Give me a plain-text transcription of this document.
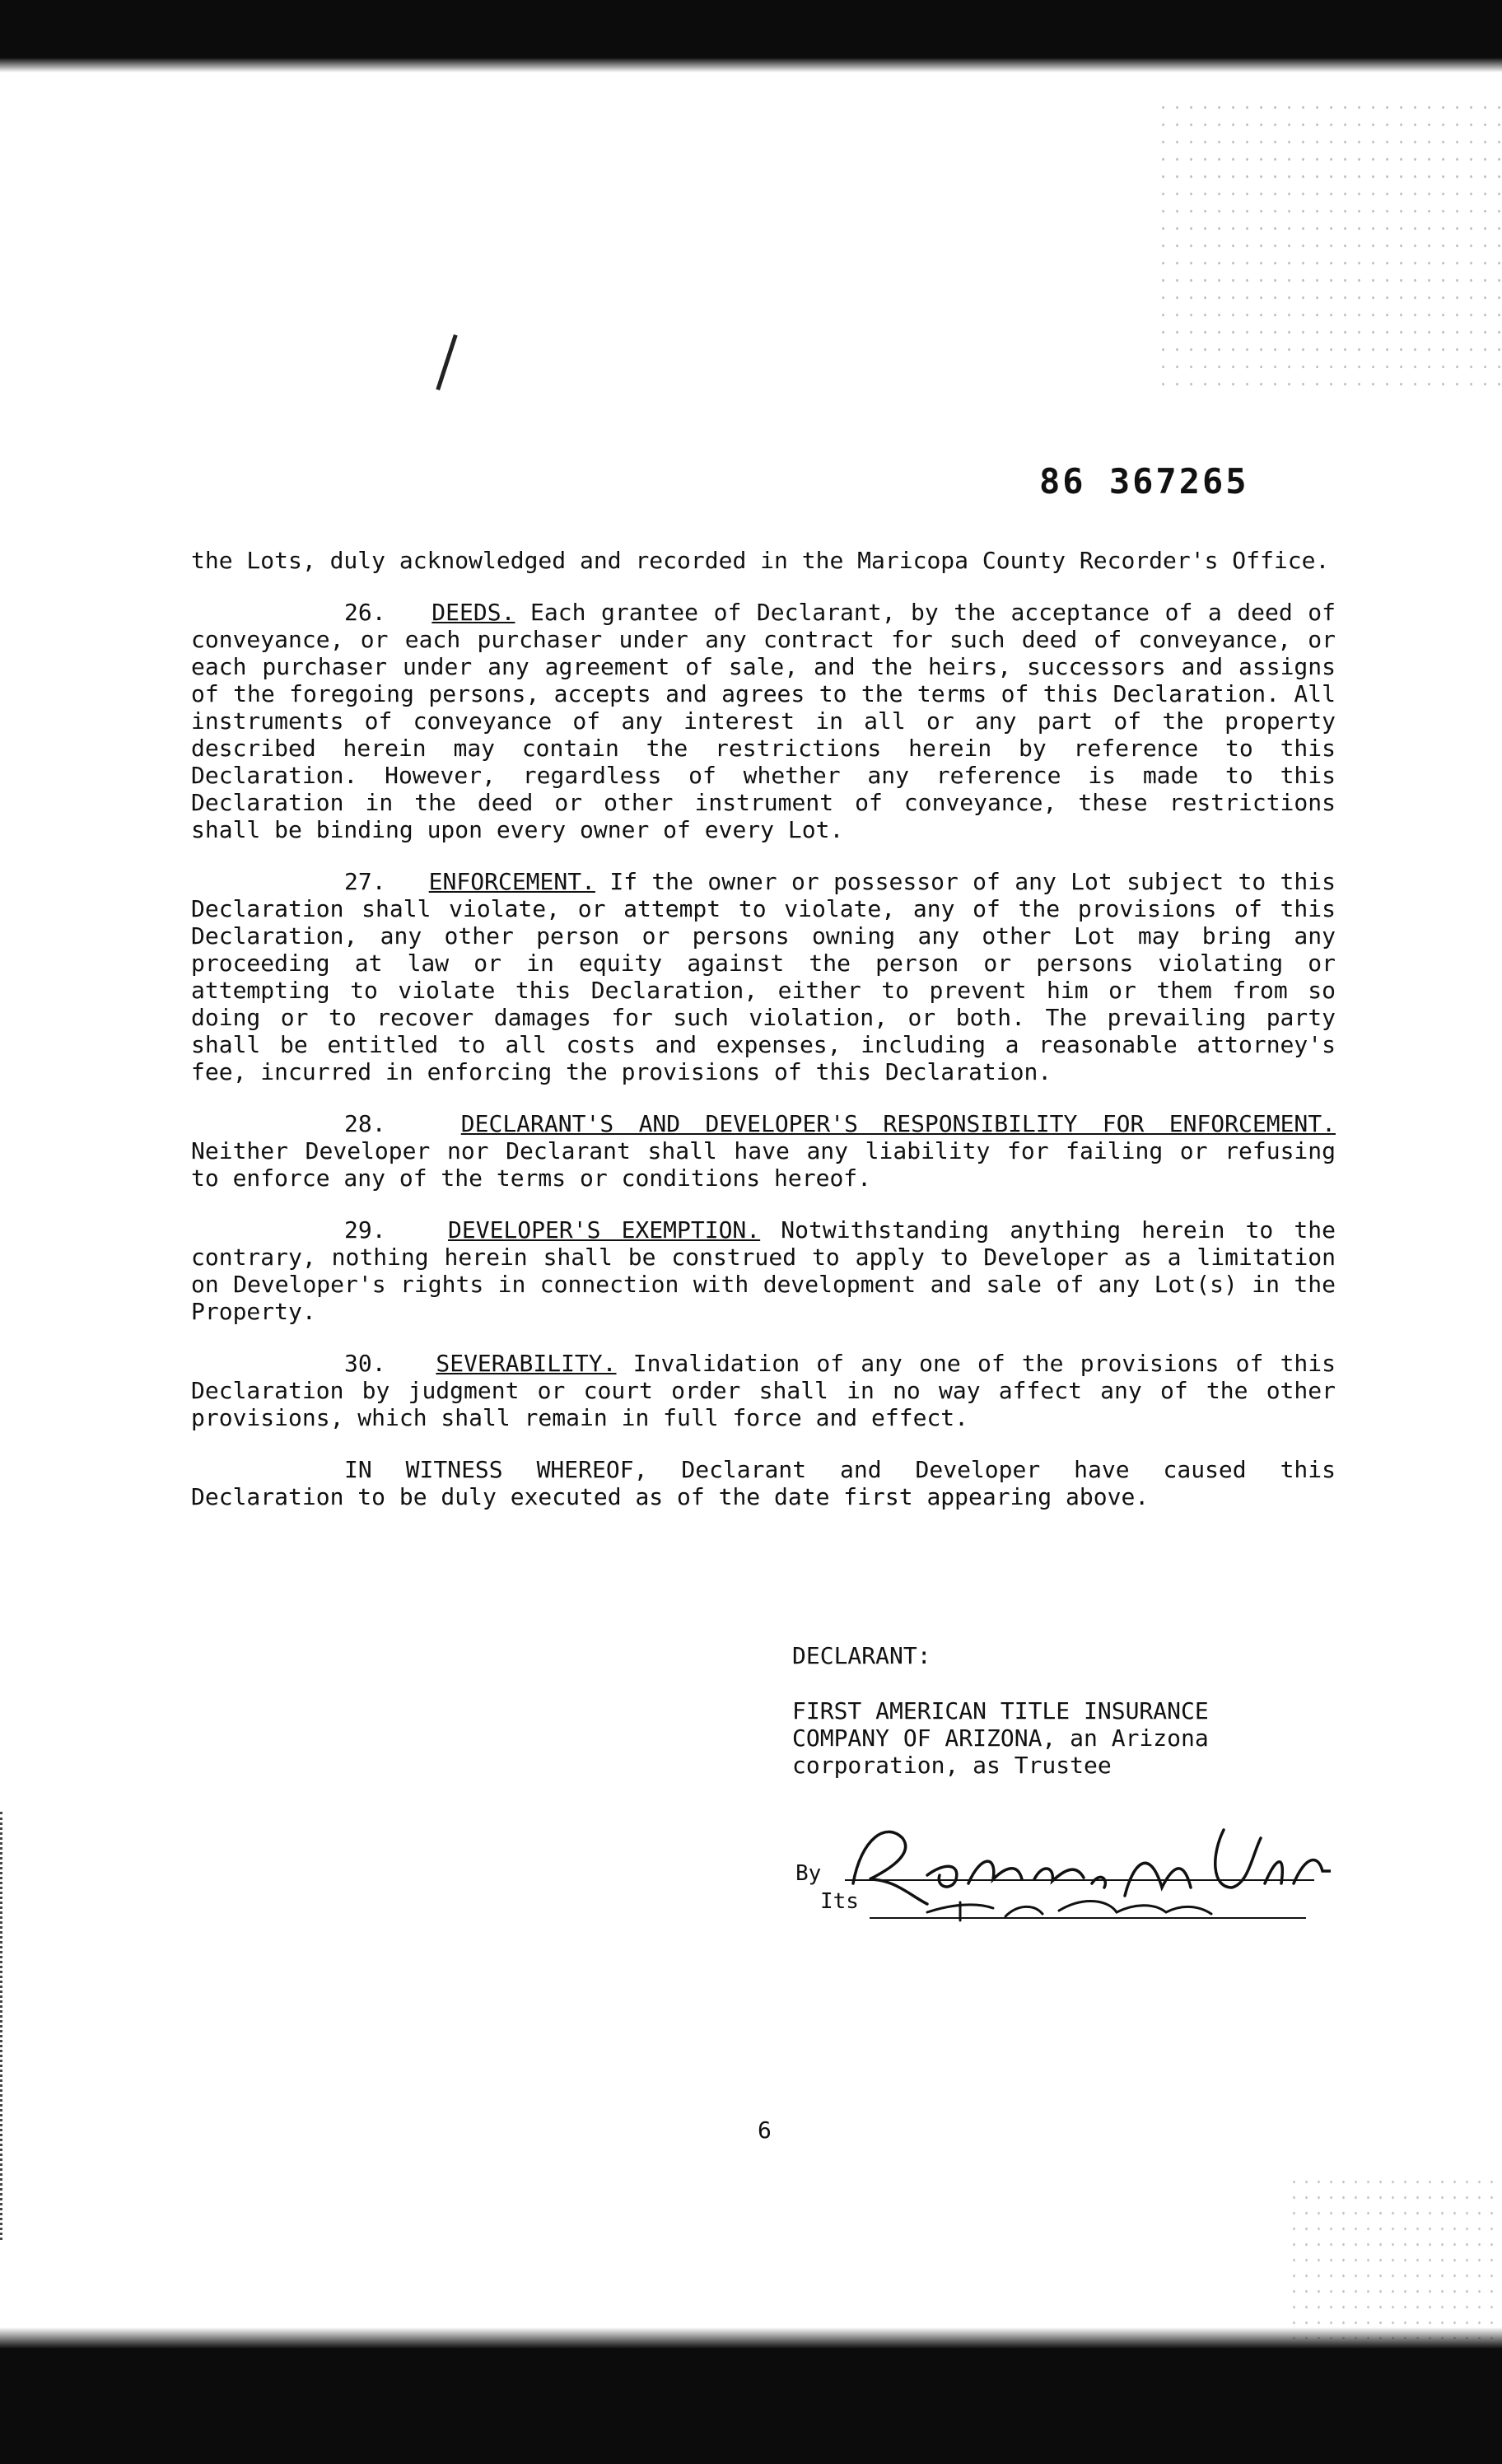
86 367265

the Lots, duly acknowledged and recorded in the Maricopa County Recorder's Office.

26. DEEDS. Each grantee of Declarant, by the acceptance of a deed of conveyance, or each purchaser under any contract for such deed of conveyance, or each purchaser under any agreement of sale, and the heirs, successors and assigns of the foregoing persons, accepts and agrees to the terms of this Declaration. All instruments of conveyance of any interest in all or any part of the property described herein may contain the restrictions herein by reference to this Declaration. However, regardless of whether any reference is made to this Declaration in the deed or other instrument of conveyance, these restrictions shall be binding upon every owner of every Lot.

27. ENFORCEMENT. If the owner or possessor of any Lot subject to this Declaration shall violate, or attempt to violate, any of the provisions of this Declaration, any other person or persons owning any other Lot may bring any proceeding at law or in equity against the person or persons violating or attempting to violate this Declaration, either to prevent him or them from so doing or to recover damages for such violation, or both. The prevailing party shall be entitled to all costs and expenses, including a reasonable attorney's fee, incurred in enforcing the provisions of this Declaration.

28.	DECLARANT'S AND DEVELOPER'S RESPONSIBILITY FOR ENFORCEMENT. Neither Developer nor Declarant shall have any liability for failing or refusing to enforce any of the terms or conditions hereof.

29.	DEVELOPER'S EXEMPTION. Notwithstanding anything herein to the contrary, nothing herein shall be construed to apply to Developer as a limitation on Developer's rights in connection with development and sale of any Lot(s) in the Property.

30. SEVERABILITY. Invalidation of any one of the provisions of this Declaration by judgment or court order shall in no way affect any of the other provisions, which shall remain in full force and effect.

IN WITNESS WHEREOF, Declarant and Developer have caused this Declaration to be duly executed as of the date first appearing above.

DECLARANT:

FIRST AMERICAN TITLE INSURANCE

COMPANY OF ARIZONA, an Arizona

corporation, as Trustee

By
Its
6
